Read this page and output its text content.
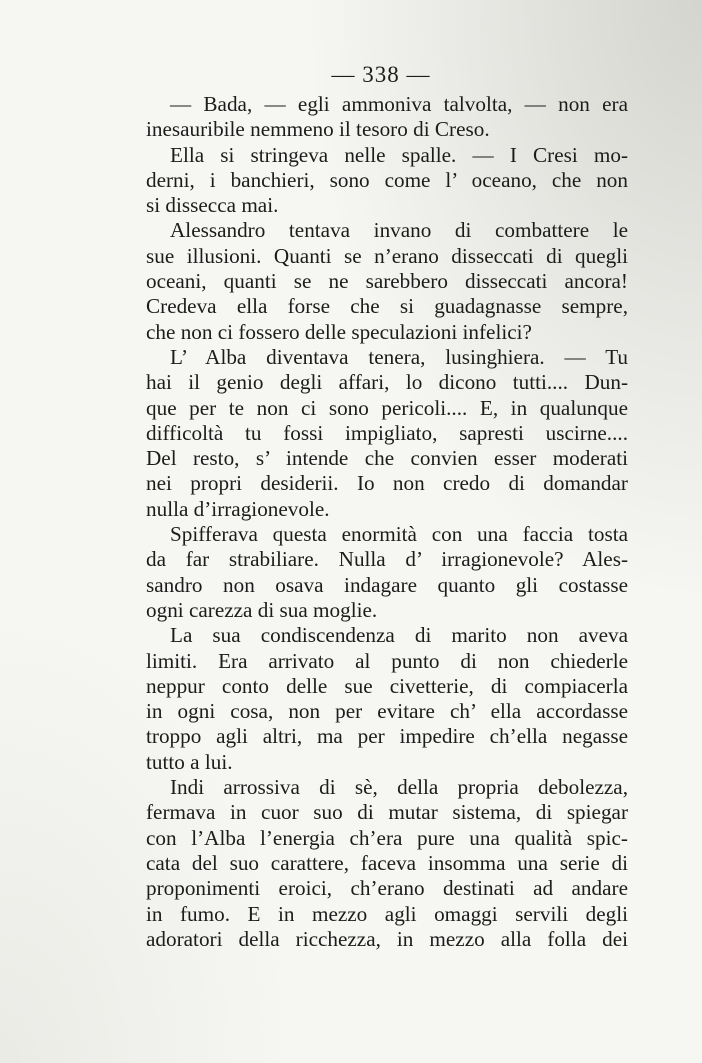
— 338 —

— Bada, — egli ammoniva talvolta, — non era
inesauribile nemmeno il tesoro di Creso.

Ella si stringeva nelle spalle. — I Cresi mo-
derni, i banchieri, sono come l’ oceano, che non
si dissecca mai.

Alessandro tentava invano di combattere le
sue illusioni. Quanti se n’erano disseccati di quegli
oceani, quanti se ne sarebbero disseccati ancora!
Credeva ella forse che si guadagnasse sempre,
che non ci fossero delle speculazioni infelici?

L’ Alba diventava tenera, lusinghiera. — Tu
hai il genio degli affari, lo dicono tutti.... Dun-
que per te non ci sono pericoli.... E, in qualunque
difficoltà tu fossi impigliato, sapresti uscirne....
Del resto, s’ intende che convien esser moderati
nei propri desiderii. Io non credo di domandar
nulla d’irragionevole.

Spifferava questa enormità con una faccia tosta
da far strabiliare. Nulla d’ irragionevole? Ales-
sandro non osava indagare quanto gli costasse
ogni carezza di sua moglie.

La sua condiscendenza di marito non aveva
limiti. Era arrivato al punto di non chiederle
neppur conto delle sue civetterie, di compiacerla
in ogni cosa, non per evitare ch’ ella accordasse
troppo agli altri, ma per impedire ch’ella negasse
tutto a lui.

Indi arrossiva di sè, della propria debolezza,
fermava in cuor suo di mutar sistema, di spiegar
con l’Alba l’energia ch’era pure una qualità spic-
cata del suo carattere, faceva insomma una serie di
proponimenti eroici, ch’erano destinati ad andare
in fumo. E in mezzo agli omaggi servili degli
adoratori della ricchezza, in mezzo alla folla dei
